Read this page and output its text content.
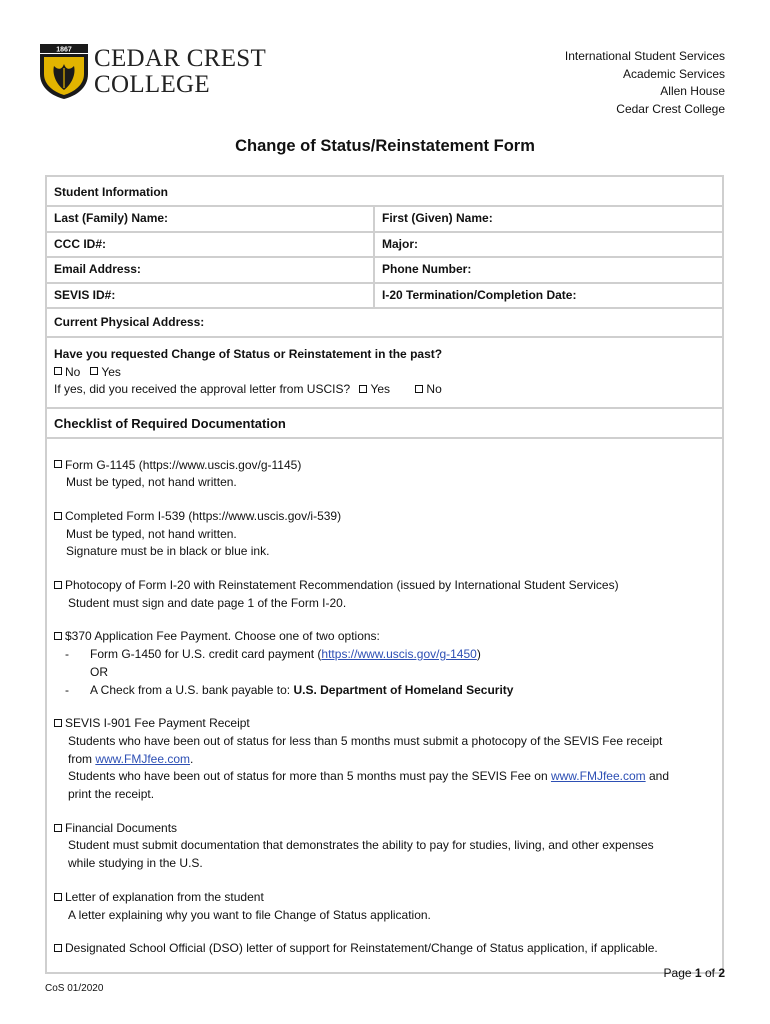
1867 CEDAR CREST
COLLEGE
International Student Services
Academic Services
Allen House
Cedar Crest College
Change of Status/Reinstatement Form
Student Information
Last (Family) Name:	First (Given) Name:
CCC ID#:	Major:
Email Address:	Phone Number:
SEVIS ID#:	I-20 Termination/Completion Date:
Current Physical Address:
Have you requested Change of Status or Reinstatement in the past?
No Yes
If yes, did you received the approval letter from USCIS? Yes	No
Checklist of Required Documentation
Form G-1145 (https://www.uscis.gov/g-1145)
Must be typed, not hand written.
Completed Form I-539 (https://www.uscis.gov/i-539)
Must be typed, not hand written.
Signature must be in black or blue ink.
Photocopy of Form I-20 with Reinstatement Recommendation (issued by International Student Services)
Student must sign and date page 1 of the Form I-20.
$370 Application Fee Payment. Choose one of two options:
-	Form G-1450 for U.S. credit card payment (https://www.uscis.gov/g-1450)
OR
-	A Check from a U.S. bank payable to: U.S. Department of Homeland Security
SEVIS I-901 Fee Payment Receipt
Students who have been out of status for less than 5 months must submit a photocopy of the SEVIS Fee receipt
from www.FMJfee.com.
Students who have been out of status for more than 5 months must pay the SEVIS Fee on www.FMJfee.com and
print the receipt.
Financial Documents
Student must submit documentation that demonstrates the ability to pay for studies, living, and other expenses
while studying in the U.S.
Letter of explanation from the student
A letter explaining why you want to file Change of Status application.
Designated School Official (DSO) letter of support for Reinstatement/Change of Status application, if applicable.
Page 1 of 2
CoS 01/2020
